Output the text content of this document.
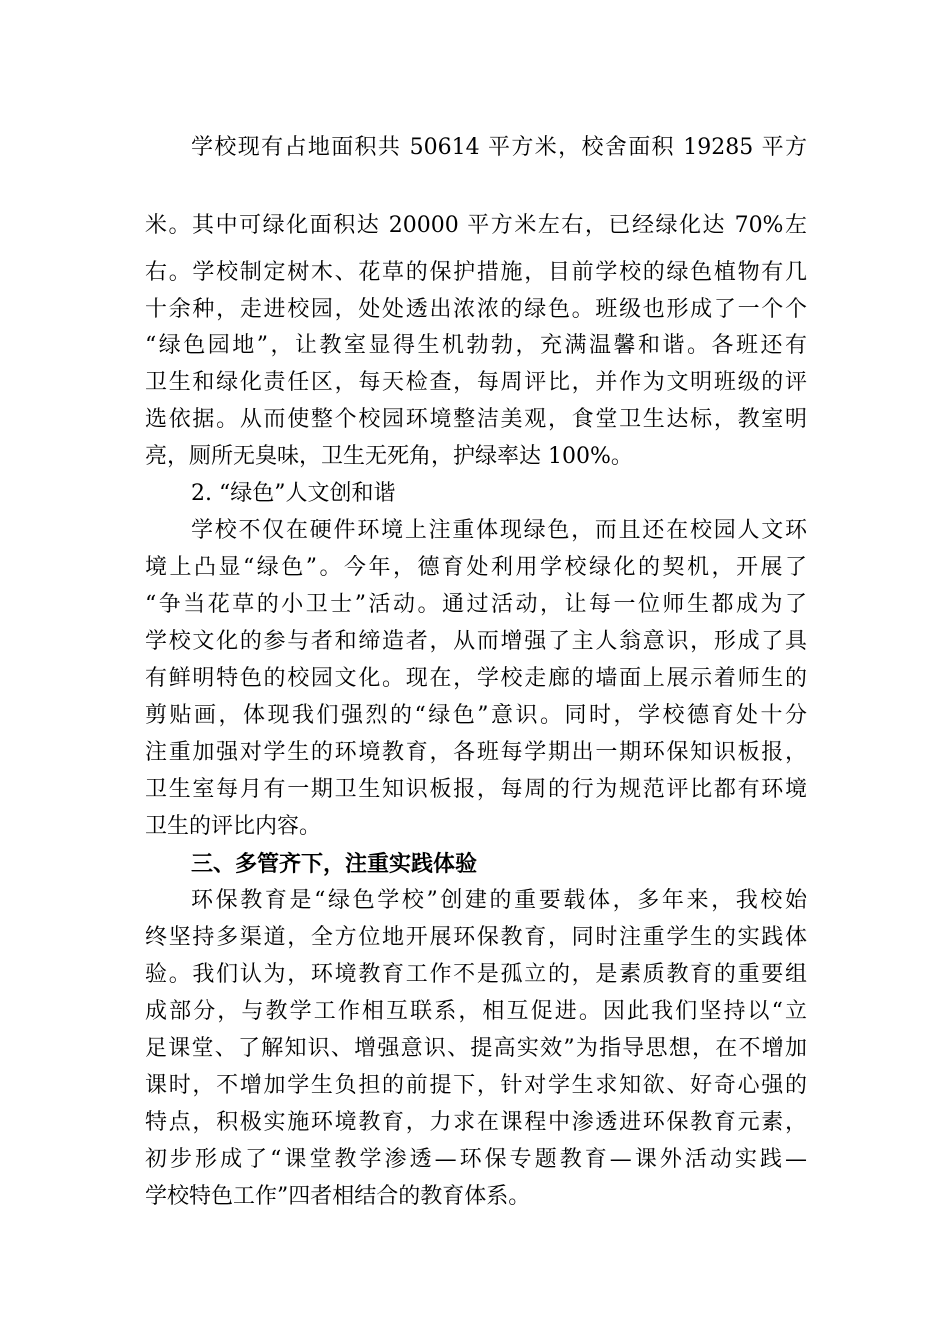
学校现有占地面积共 50614 平方米，校舍面积 19285 平方
米。其中可绿化面积达 20000 平方米左右，已经绿化达 70%左
右。学校制定树木、花草的保护措施，目前学校的绿色植物有几
十余种，走进校园，处处透出浓浓的绿色。班级也形成了一个个
“绿色园地”，让教室显得生机勃勃，充满温馨和谐。各班还有
卫生和绿化责任区，每天检查，每周评比，并作为文明班级的评
选依据。从而使整个校园环境整洁美观，食堂卫生达标，教室明
亮，厕所无臭味，卫生无死角，护绿率达 100%。
2. “绿色”人文创和谐
学校不仅在硬件环境上注重体现绿色，而且还在校园人文环
境上凸显“绿色”。今年，德育处利用学校绿化的契机，开展了
“争当花草的小卫士”活动。通过活动，让每一位师生都成为了
学校文化的参与者和缔造者，从而增强了主人翁意识，形成了具
有鲜明特色的校园文化。现在，学校走廊的墙面上展示着师生的
剪贴画，体现我们强烈的“绿色”意识。同时，学校德育处十分
注重加强对学生的环境教育，各班每学期出一期环保知识板报，
卫生室每月有一期卫生知识板报，每周的行为规范评比都有环境
卫生的评比内容。
三、多管齐下，注重实践体验
环保教育是“绿色学校”创建的重要载体，多年来，我校始
终坚持多渠道，全方位地开展环保教育，同时注重学生的实践体
验。我们认为，环境教育工作不是孤立的，是素质教育的重要组
成部分，与教学工作相互联系，相互促进。因此我们坚持以“立
足课堂、了解知识、增强意识、提高实效”为指导思想，在不增加
课时，不增加学生负担的前提下，针对学生求知欲、好奇心强的
特点，积极实施环境教育，力求在课程中渗透进环保教育元素，
初步形成了“课堂教学渗透—环保专题教育—课外活动实践—
学校特色工作”四者相结合的教育体系。
